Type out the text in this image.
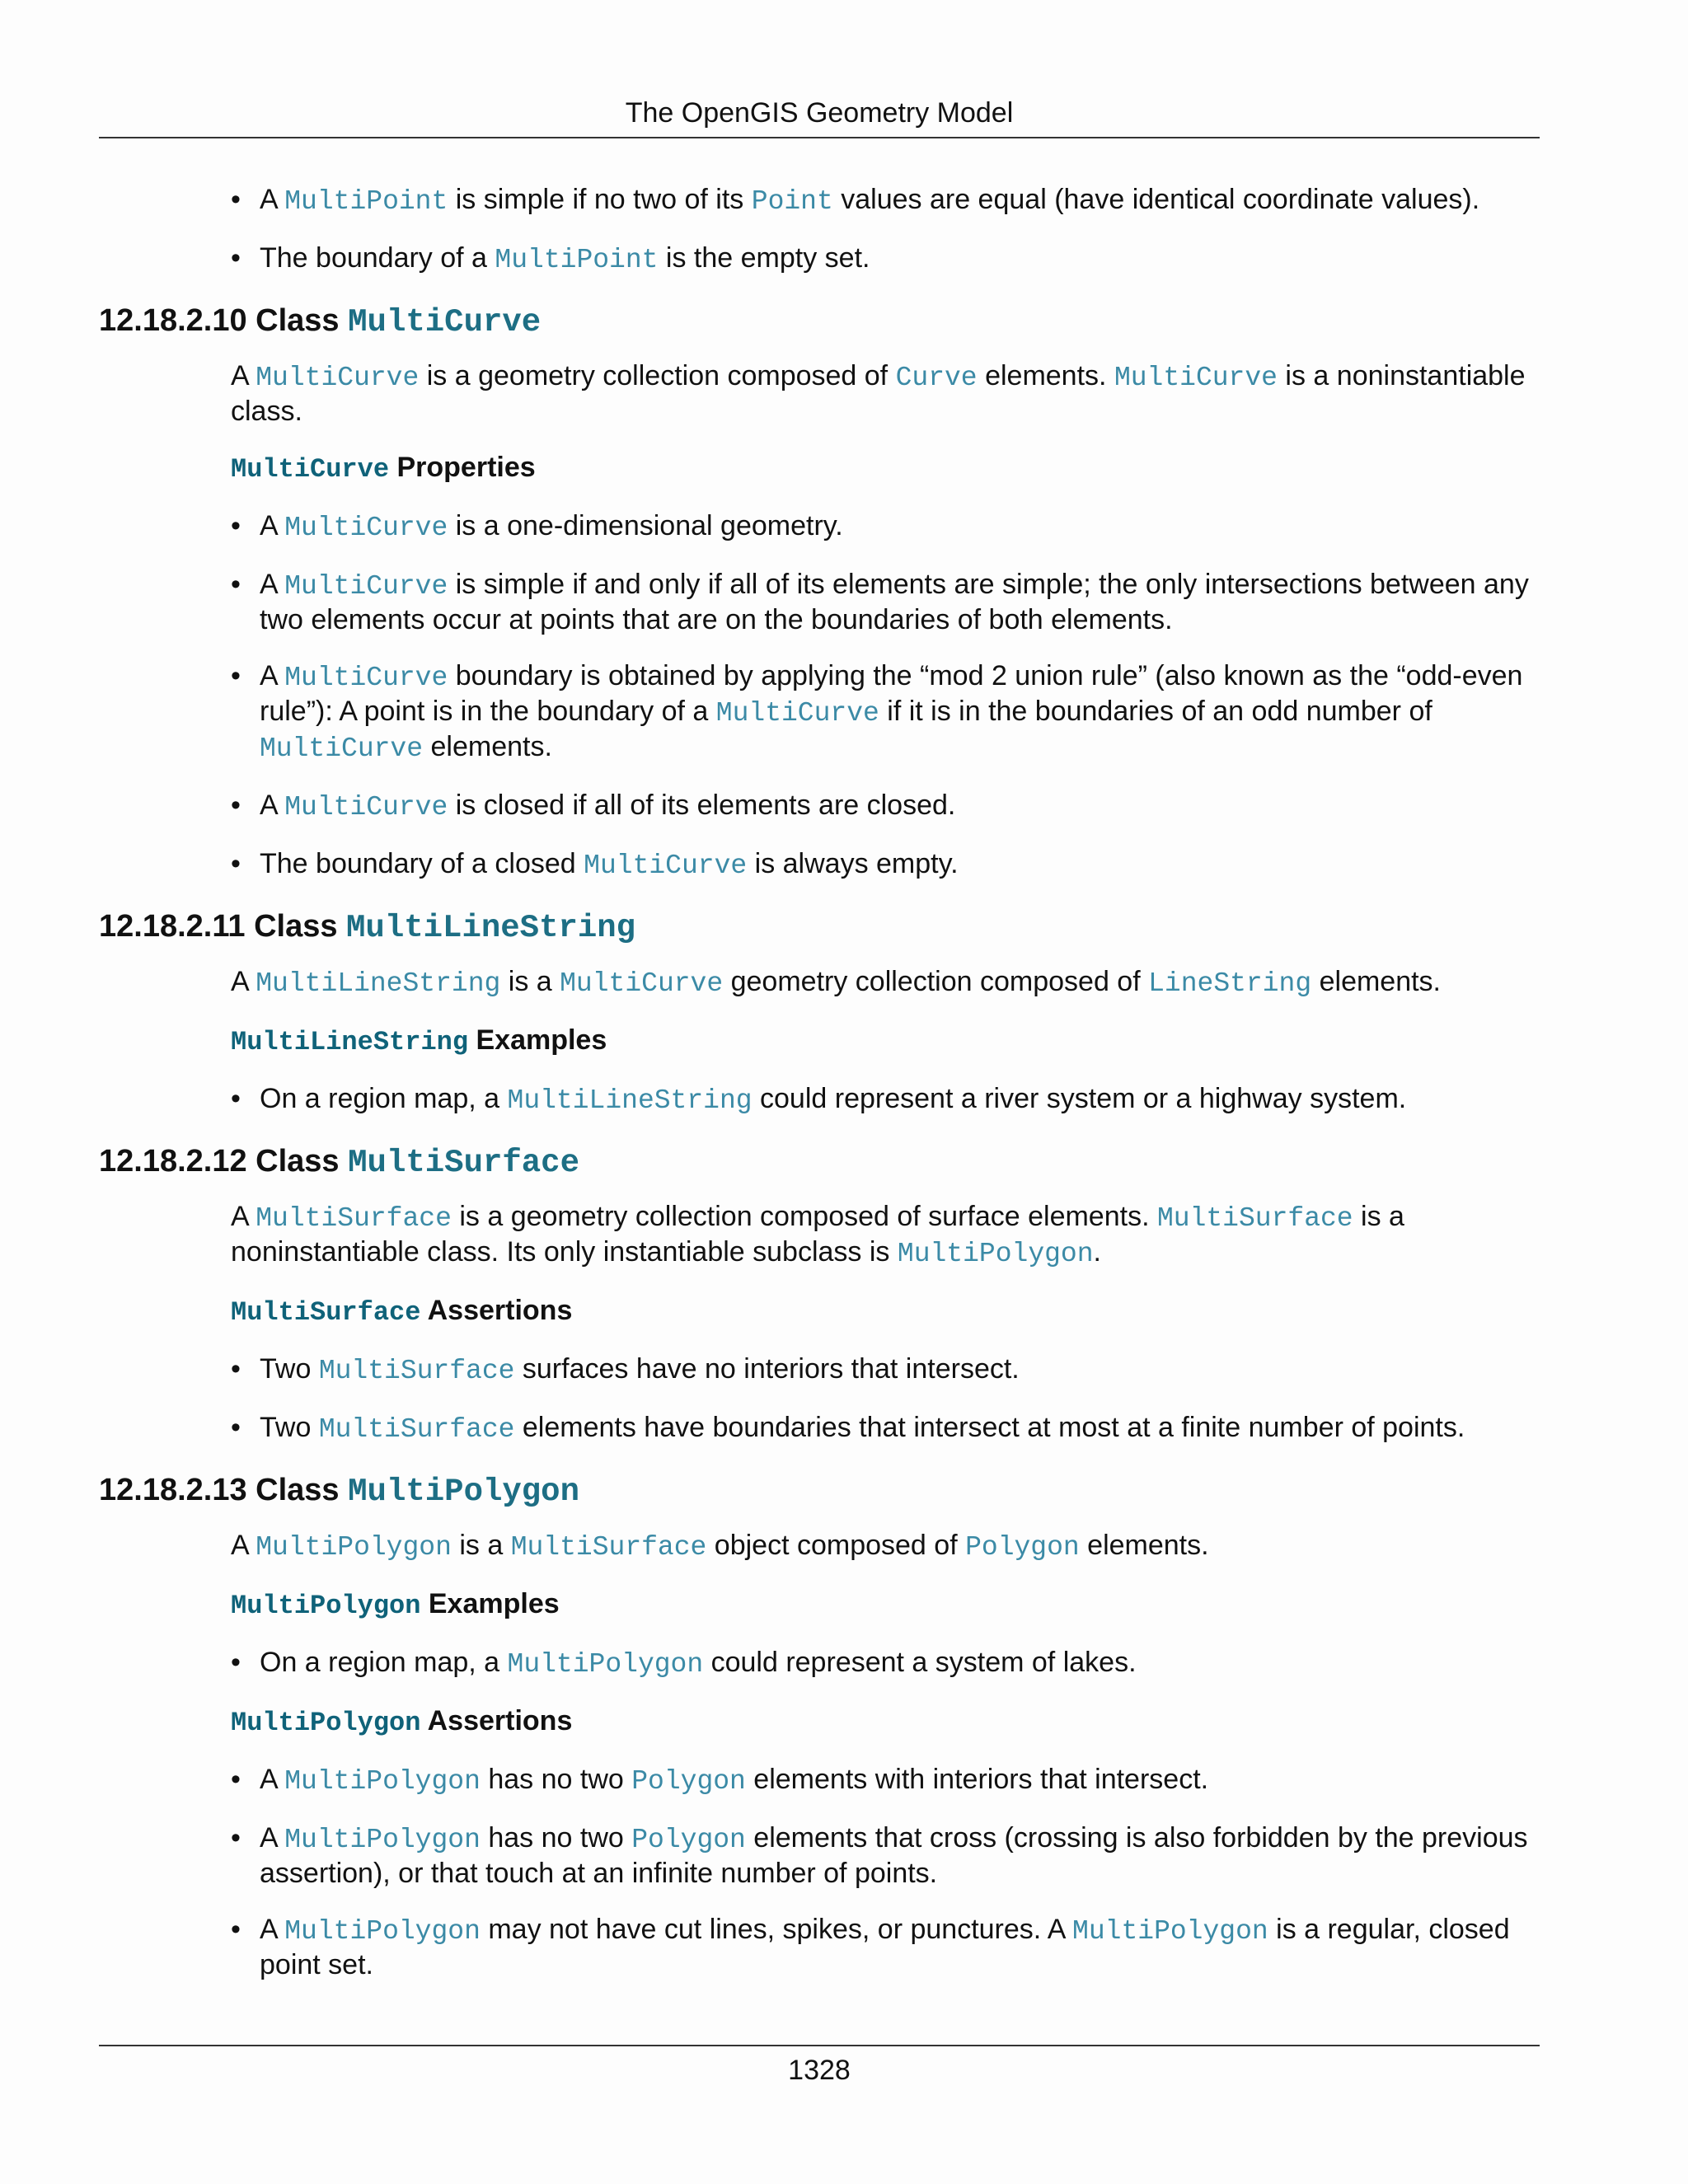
The OpenGIS Geometry Model
• A MultiPoint is simple if no two of its Point values are equal (have identical coordinate values).
• The boundary of a MultiPoint is the empty set.
12.18.2.10 Class MultiCurve
A MultiCurve is a geometry collection composed of Curve elements. MultiCurve is a noninstantiable class.
MultiCurve Properties
• A MultiCurve is a one-dimensional geometry.
• A MultiCurve is simple if and only if all of its elements are simple; the only intersections between any two elements occur at points that are on the boundaries of both elements.
• A MultiCurve boundary is obtained by applying the “mod 2 union rule” (also known as the “odd-even rule”): A point is in the boundary of a MultiCurve if it is in the boundaries of an odd number of MultiCurve elements.
• A MultiCurve is closed if all of its elements are closed.
• The boundary of a closed MultiCurve is always empty.
12.18.2.11 Class MultiLineString
A MultiLineString is a MultiCurve geometry collection composed of LineString elements.
MultiLineString Examples
• On a region map, a MultiLineString could represent a river system or a highway system.
12.18.2.12 Class MultiSurface
A MultiSurface is a geometry collection composed of surface elements. MultiSurface is a noninstantiable class. Its only instantiable subclass is MultiPolygon.
MultiSurface Assertions
• Two MultiSurface surfaces have no interiors that intersect.
• Two MultiSurface elements have boundaries that intersect at most at a finite number of points.
12.18.2.13 Class MultiPolygon
A MultiPolygon is a MultiSurface object composed of Polygon elements.
MultiPolygon Examples
• On a region map, a MultiPolygon could represent a system of lakes.
MultiPolygon Assertions
• A MultiPolygon has no two Polygon elements with interiors that intersect.
• A MultiPolygon has no two Polygon elements that cross (crossing is also forbidden by the previous assertion), or that touch at an infinite number of points.
• A MultiPolygon may not have cut lines, spikes, or punctures. A MultiPolygon is a regular, closed point set.
1328
